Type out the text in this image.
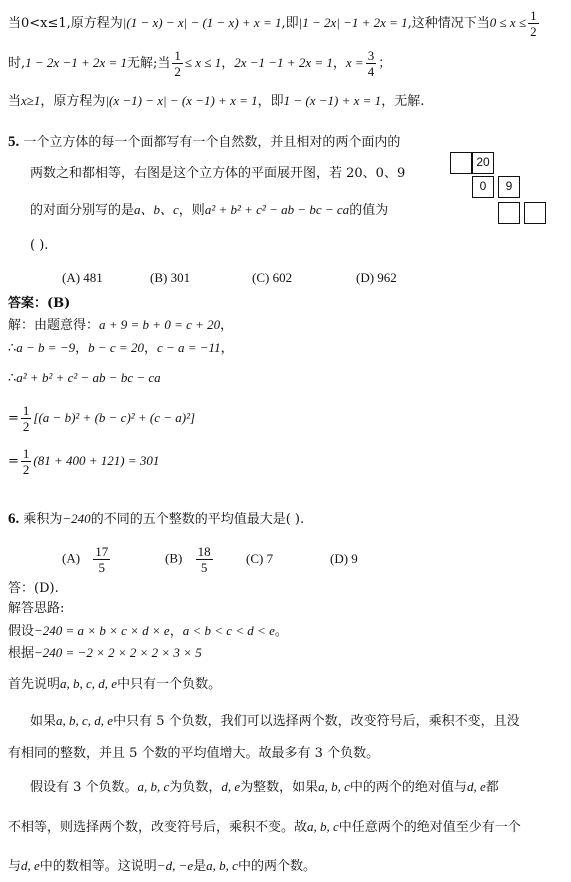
当0<x≤1,原方程为|(1 − x) − x| − (1 − x) + x = 1,即|1 − 2x| −1 + 2x = 1,这种情况下当$0 \le x \le \frac{1}{2}$
时,1 − 2x −1 + 2x = 1无解;当 $\frac{1}{2} \le x \le 1$，2x −1 −1 + 2x = 1，$x = \frac{3}{4}$ ；
当x≥1，原方程为|(x −1) − x| − (x −1) + x = 1，即1 − (x −1) + x = 1，无解.
5. 一个立方体的每一个面都写有一个自然数，并且相对的两个面内的
两数之和都相等，右图是这个立方体的平面展开图，若 20、0、9
的对面分别写的是a、b、c，则a² + b² + c² − ab − bc − ca的值为
( ).
20
0	9
(A) 481	(B) 301	(C) 602	(D) 962
答案：(B)
解：由题意得：a + 9 = b + 0 = c + 20，
∴a − b = −9，b − c = 20，c − a = −11，
∴a² + b² + c² − ab − bc − ca
= $\frac{1}{2} [(a - b)^2 + (b - c)^2 + (c - a)^2]$
= $\frac{1}{2} (81 + 400 + 121) = 301$
6. 乘积为−240的不同的五个整数的平均值最大是( ).
$(A) \frac{17}{5}$	$(B) \frac{18}{5}$	(C) 7	(D) 9
答：(D).
解答思路:
假设−240 = a × b × c × d × e，a < b < c < d < e。
根据−240 = −2 × 2 × 2 × 2 × 3 × 5
首先说明a, b, c, d, e中只有一个负数。
如果a, b, c, d, e中只有 5 个负数，我们可以选择两个数，改变符号后，乘积不变，且没
有相同的整数，并且 5 个数的平均值增大。故最多有 3 个负数。
假设有 3 个负数。a, b, c为负数，d, e为整数，如果a, b, c中的两个的绝对值与d, e都
不相等，则选择两个数，改变符号后，乘积不变。故a, b, c中任意两个的绝对值至少有一个
与d, e中的数相等。这说明−d, −e是a, b, c中的两个数。
